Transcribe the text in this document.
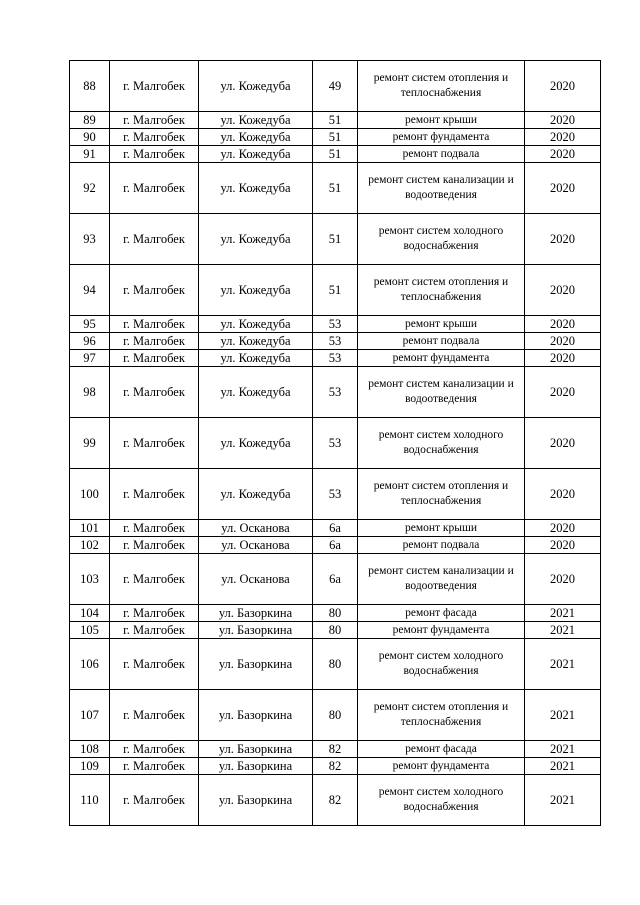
88	г. Малгобек	ул. Кожедуба	49	ремонт систем отопления и теплоснабжения	2020
89	г. Малгобек	ул. Кожедуба	51	ремонт крыши	2020
90	г. Малгобек	ул. Кожедуба	51	ремонт фундамента	2020
91	г. Малгобек	ул. Кожедуба	51	ремонт подвала	2020
92	г. Малгобек	ул. Кожедуба	51	ремонт систем канализации и водоотведения	2020
93	г. Малгобек	ул. Кожедуба	51	ремонт систем холодного водоснабжения	2020
94	г. Малгобек	ул. Кожедуба	51	ремонт систем отопления и теплоснабжения	2020
95	г. Малгобек	ул. Кожедуба	53	ремонт крыши	2020
96	г. Малгобек	ул. Кожедуба	53	ремонт подвала	2020
97	г. Малгобек	ул. Кожедуба	53	ремонт фундамента	2020
98	г. Малгобек	ул. Кожедуба	53	ремонт систем канализации и водоотведения	2020
99	г. Малгобек	ул. Кожедуба	53	ремонт систем холодного водоснабжения	2020
100	г. Малгобек	ул. Кожедуба	53	ремонт систем отопления и теплоснабжения	2020
101	г. Малгобек	ул. Осканова	6а	ремонт крыши	2020
102	г. Малгобек	ул. Осканова	6а	ремонт подвала	2020
103	г. Малгобек	ул. Осканова	6а	ремонт систем канализации и водоотведения	2020
104	г. Малгобек	ул. Базоркина	80	ремонт фасада	2021
105	г. Малгобек	ул. Базоркина	80	ремонт фундамента	2021
106	г. Малгобек	ул. Базоркина	80	ремонт систем холодного водоснабжения	2021
107	г. Малгобек	ул. Базоркина	80	ремонт систем отопления и теплоснабжения	2021
108	г. Малгобек	ул. Базоркина	82	ремонт фасада	2021
109	г. Малгобек	ул. Базоркина	82	ремонт фундамента	2021
110	г. Малгобек	ул. Базоркина	82	ремонт систем холодного водоснабжения	2021
